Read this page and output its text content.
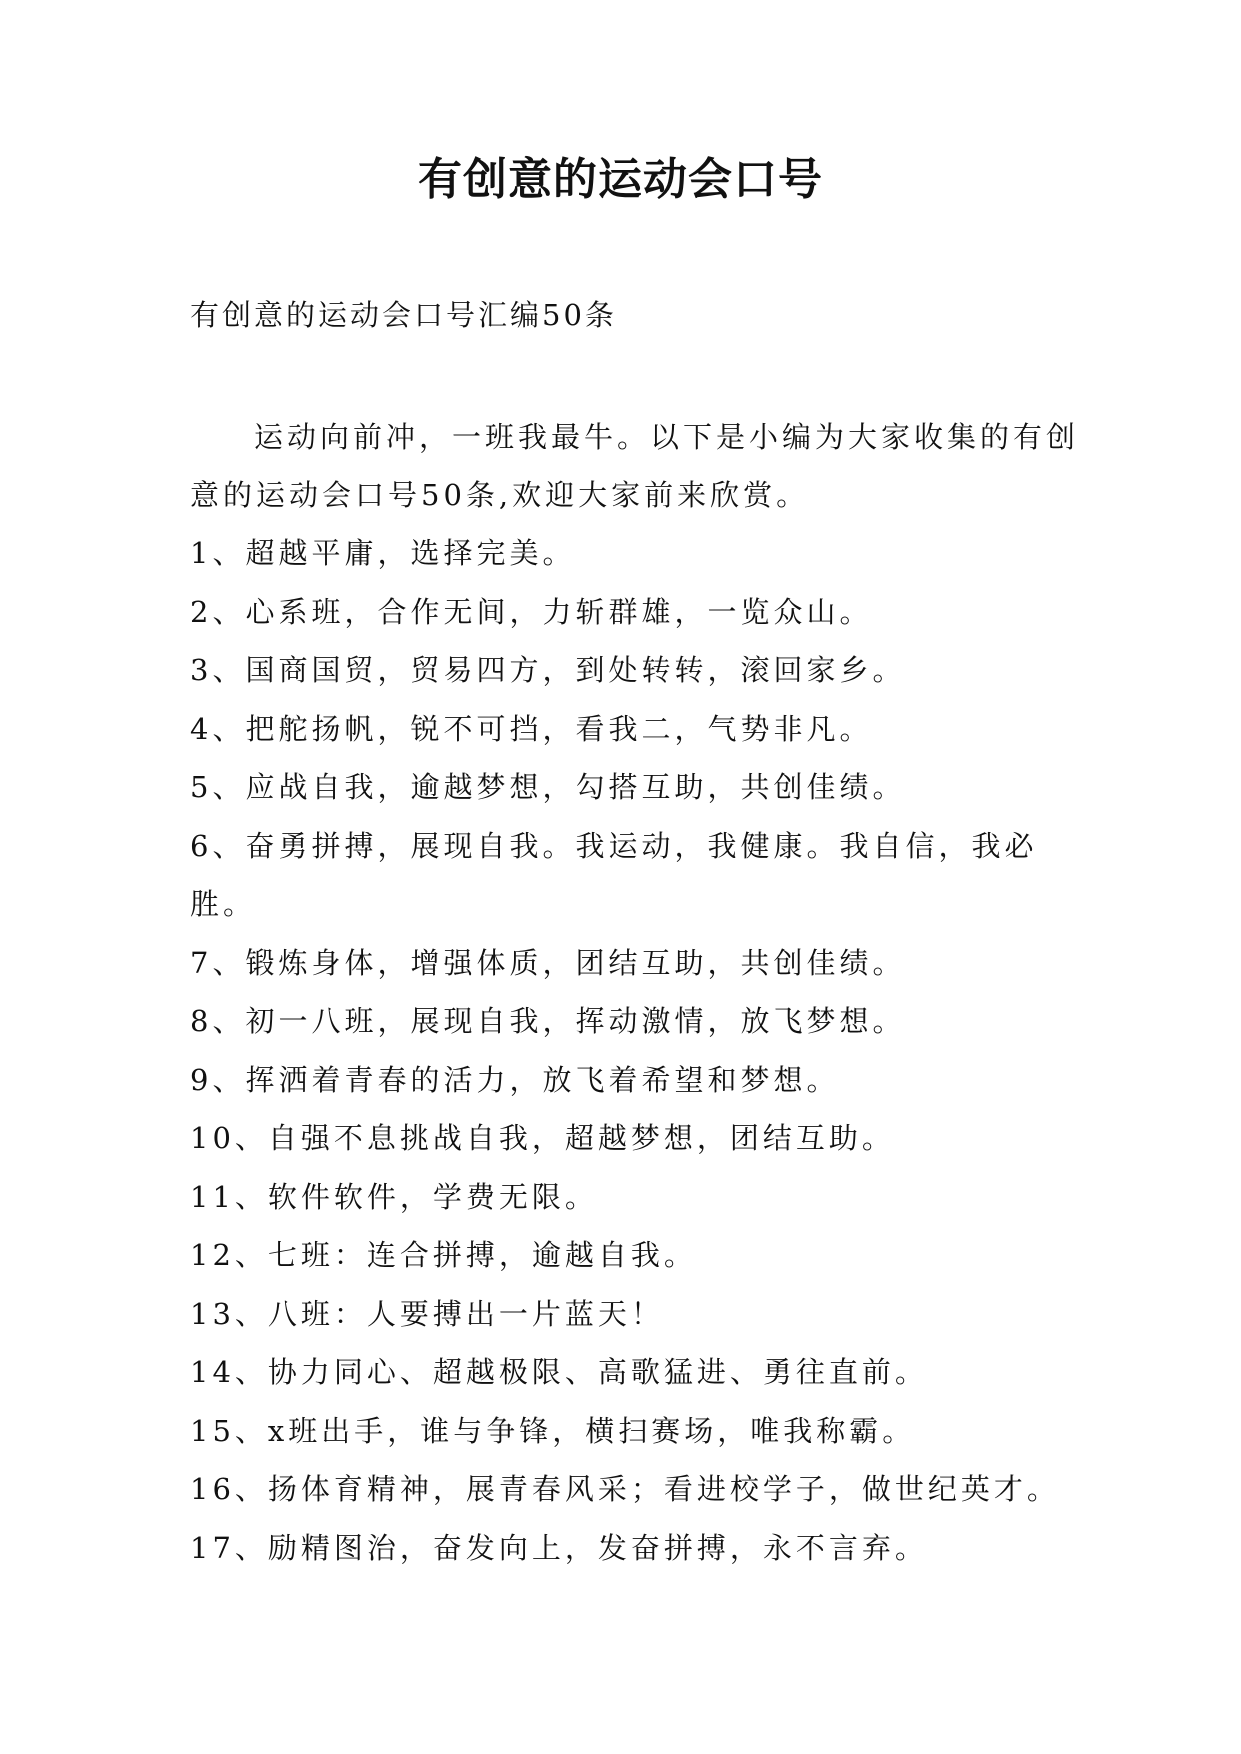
有创意的运动会口号

有创意的运动会口号汇编50条

运动向前冲，一班我最牛。以下是小编为大家收集的有创意的运动会口号50条,欢迎大家前来欣赏。

1、超越平庸，选择完美。
2、心系班，合作无间，力斩群雄，一览众山。
3、国商国贸，贸易四方，到处转转，滚回家乡。
4、把舵扬帆，锐不可挡，看我二，气势非凡。
5、应战自我，逾越梦想，勾搭互助，共创佳绩。
6、奋勇拼搏，展现自我。我运动，我健康。我自信，我必胜。
7、锻炼身体，增强体质，团结互助，共创佳绩。
8、初一八班，展现自我，挥动激情，放飞梦想。
9、挥洒着青春的活力，放飞着希望和梦想。
10、自强不息挑战自我，超越梦想，团结互助。
11、软件软件，学费无限。
12、七班：连合拼搏，逾越自我。
13、八班：人要搏出一片蓝天！
14、协力同心、超越极限、高歌猛进、勇往直前。
15、x班出手，谁与争锋，横扫赛场，唯我称霸。
16、扬体育精神，展青春风采；看进校学子，做世纪英才。
17、励精图治，奋发向上，发奋拼搏，永不言弃。
